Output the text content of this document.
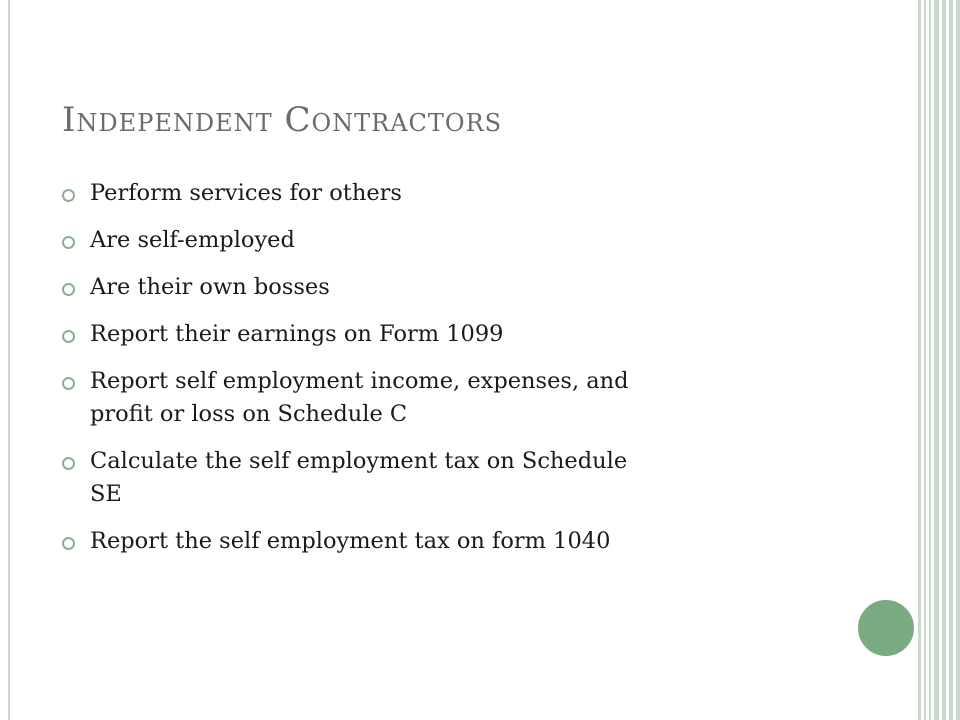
Independent Contractors
Perform services for others
Are self-employed
Are their own bosses
Report their earnings on Form 1099
Report self employment income, expenses, and
profit or loss on Schedule C
Calculate the self employment tax on Schedule
SE
Report the self employment tax on form 1040
